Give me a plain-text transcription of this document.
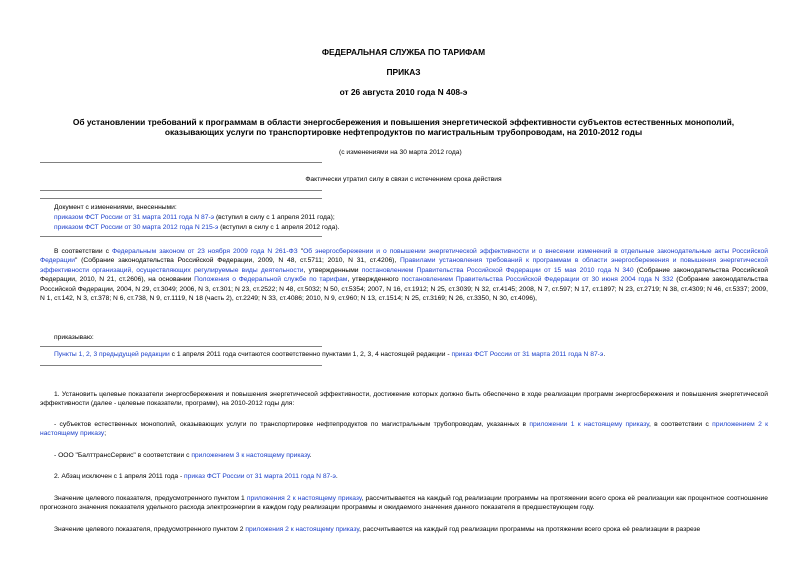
ФЕДЕРАЛЬНАЯ СЛУЖБА ПО ТАРИФАМ
ПРИКАЗ
от 26 августа 2010 года N 408-э
Об установлении требований к программам в области энергосбережения и повышения энергетической эффективности субъектов естественных монополий,
оказывающих услуги по транспортировке нефтепродуктов по магистральным трубопроводам, на 2010-2012 годы
(с изменениями на 30 марта 2012 года)
Фактически утратил силу в связи с истечением срока действия
Документ с изменениями, внесенными:
приказом ФСТ России от 31 марта 2011 года N 87-э (вступил в силу с 1 апреля 2011 года);
приказом ФСТ России от 30 марта 2012 года N 215-э (вступил в силу с 1 апреля 2012 года).
В соответствии с Федеральным законом от 23 ноября 2009 года N 261-ФЗ "Об энергосбережении и о повышении энергетической эффективности и о внесении изменений в отдельные законодательные акты Российской Федерации" (Собрание законодательства Российской Федерации, 2009, N 48, ст.5711; 2010, N 31, ст.4206), Правилами установления требований к программам в области энергосбережения и повышения энергетической эффективности организаций, осуществляющих регулируемые виды деятельности, утвержденными постановлением Правительства Российской Федерации от 15 мая 2010 года N 340 (Собрание законодательства Российской Федерации, 2010, N 21, ст.2606), на основании Положения о Федеральной службе по тарифам, утвержденного постановлением Правительства Российской Федерации от 30 июня 2004 года N 332 (Собрание законодательства Российской Федерации, 2004, N 29, ст.3049; 2006, N 3, ст.301; N 23, ст.2522; N 48, ст.5032; N 50, ст.5354; 2007, N 16, ст.1912; N 25, ст.3039; N 32, ст.4145; 2008, N 7, ст.597; N 17, ст.1897; N 23, ст.2719; N 38, ст.4309; N 46, ст.5337; 2009, N 1, ст.142, N 3, ст.378; N 6, ст.738, N 9, ст.1119, N 18 (часть 2), ст.2249; N 33, ст.4086; 2010, N 9, ст.960; N 13, ст.1514; N 25, ст.3169; N 26, ст.3350, N 30, ст.4096),
приказываю:
Пункты 1, 2, 3 предыдущей редакции с 1 апреля 2011 года считаются соответственно пунктами 1, 2, 3, 4 настоящей редакции - приказ ФСТ России от 31 марта 2011 года N 87-э.
1. Установить целевые показатели энергосбережения и повышения энергетической эффективности, достижение которых должно быть обеспечено в ходе реализации программ энергосбережения и повышения энергетической эффективности (далее - целевые показатели, программ), на 2010-2012 годы для:
- субъектов естественных монополий, оказывающих услуги по транспортировке нефтепродуктов по магистральным трубопроводам, указанных в приложении 1 к настоящему приказу, в соответствии с приложением 2 к настоящему приказу;
- ООО "БалттрансСервис" в соответствии с приложением 3 к настоящему приказу.
2. Абзац исключен с 1 апреля 2011 года - приказ ФСТ России от 31 марта 2011 года N 87-э.
Значение целевого показателя, предусмотренного пунктом 1 приложения 2 к настоящему приказу, рассчитывается на каждый год реализации программы на протяжении всего срока её реализации как процентное соотношение прогнозного значения показателя удельного расхода электроэнергии в каждом году реализации программы и ожидаемого значения данного показателя в предшествующем году.
Значение целевого показателя, предусмотренного пунктом 2 приложения 2 к настоящему приказу, рассчитывается на каждый год реализации программы на протяжении всего срока её реализации в разрезе
